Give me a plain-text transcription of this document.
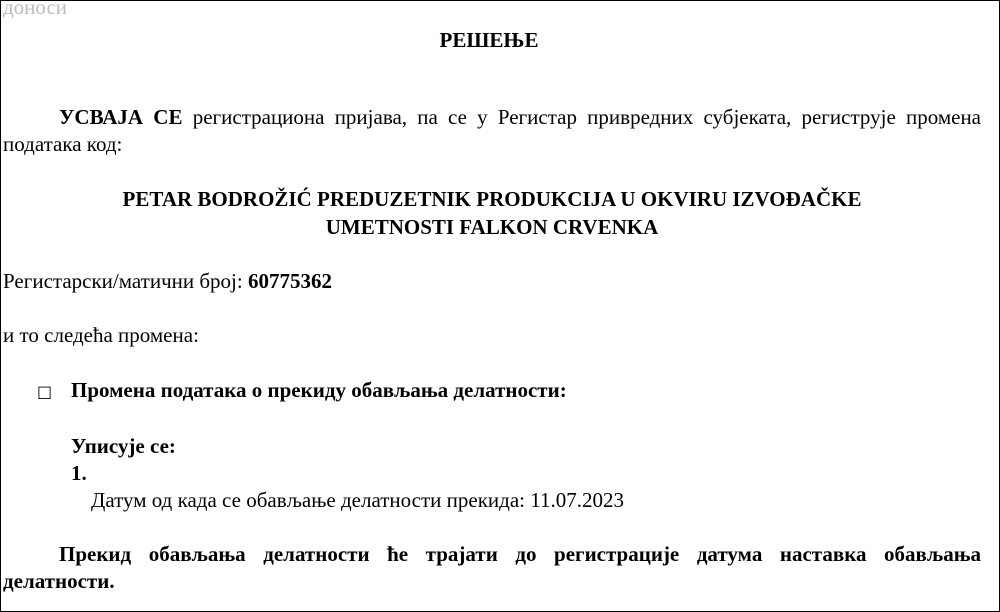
доноси
РЕШЕЊЕ
УСВАЈА СЕ регистрациона пријава, па се у Регистар привредних субјеката, региструје промена података код:
PETAR BODROŽIĆ PREDUZETNIK PRODUKCIJA U OKVIRU IZVOĐAČKE
UMETNOSTI FALKON CRVENKA
Регистарски/матични број: 60775362
и то следећа промена:
□ Промена података о прекиду обављања делатности:
Уписује се:
1.
Датум од када се обављање делатности прекида: 11.07.2023
Прекид обављања делатности ће трајати до регистрације датума наставка обављања делатности.
